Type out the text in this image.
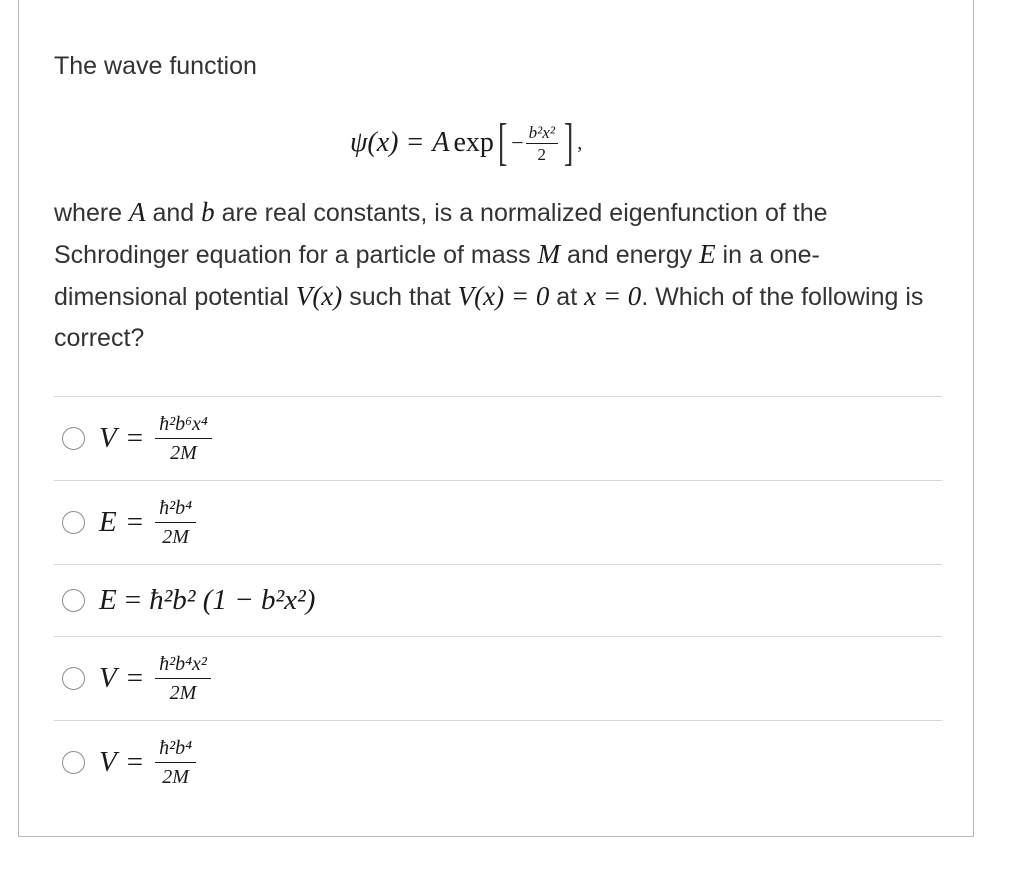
The wave function
ψ(x) = A exp [ − $\frac{\text{b²x²}}{2}$ ] ,
where A and b are real constants, is a normalized eigenfunction of the Schrodinger equation for a particle of mass M and energy E in a one-dimensional potential V(x) such that V(x) = 0 at x = 0. Which of the following is correct?
$V = \frac{\text{ħ²b⁶x⁴}}{2M}$
$E = \frac{\text{ħ²b⁴}}{2M}$
E = ħ²b² (1 − b²x²)
$V = \frac{\text{ħ²b⁴x²}}{2M}$
$V = \frac{\text{ħ²b⁴}}{2M}$
